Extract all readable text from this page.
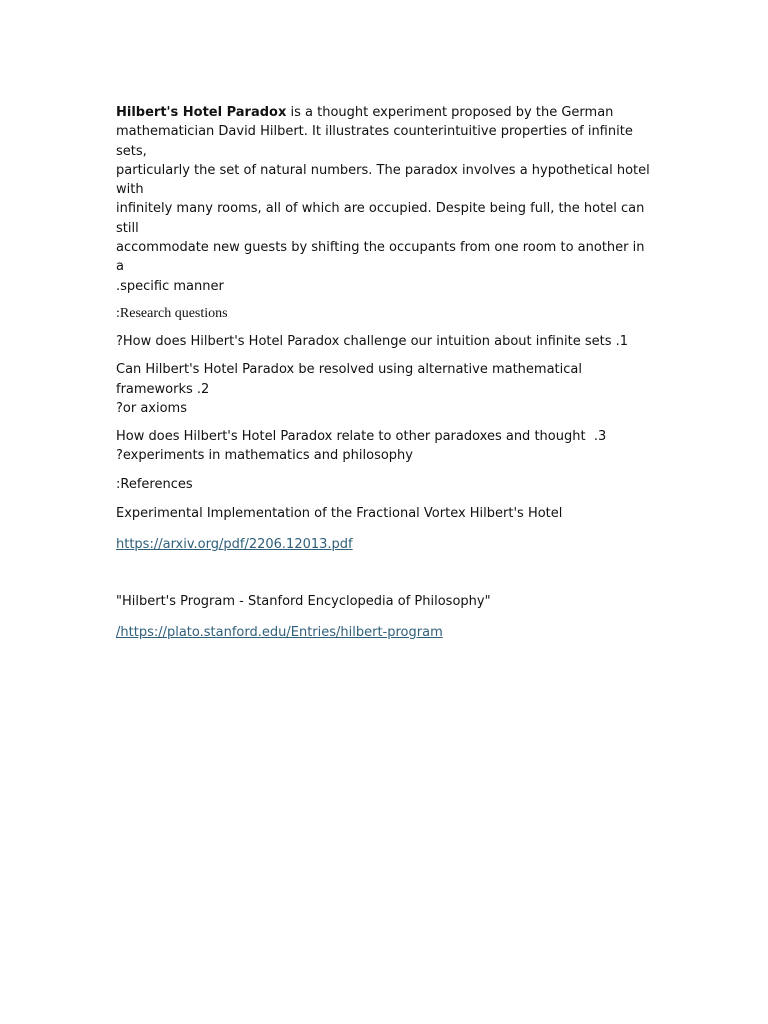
Hilbert's Hotel Paradox is a thought experiment proposed by the German
mathematician David Hilbert. It illustrates counterintuitive properties of infinite sets,
particularly the set of natural numbers. The paradox involves a hypothetical hotel with
infinitely many rooms, all of which are occupied. Despite being full, the hotel can still
accommodate new guests by shifting the occupants from one room to another in a
.specific manner
:Research questions
?How does Hilbert's Hotel Paradox challenge our intuition about infinite sets .1
Can Hilbert's Hotel Paradox be resolved using alternative mathematical frameworks .2
?or axioms
How does Hilbert's Hotel Paradox relate to other paradoxes and thought  .3
?experiments in mathematics and philosophy
:References
Experimental Implementation of the Fractional Vortex Hilbert's Hotel
https://arxiv.org/pdf/2206.12013.pdf
"Hilbert's Program - Stanford Encyclopedia of Philosophy"
/https://plato.stanford.edu/Entries/hilbert-program
